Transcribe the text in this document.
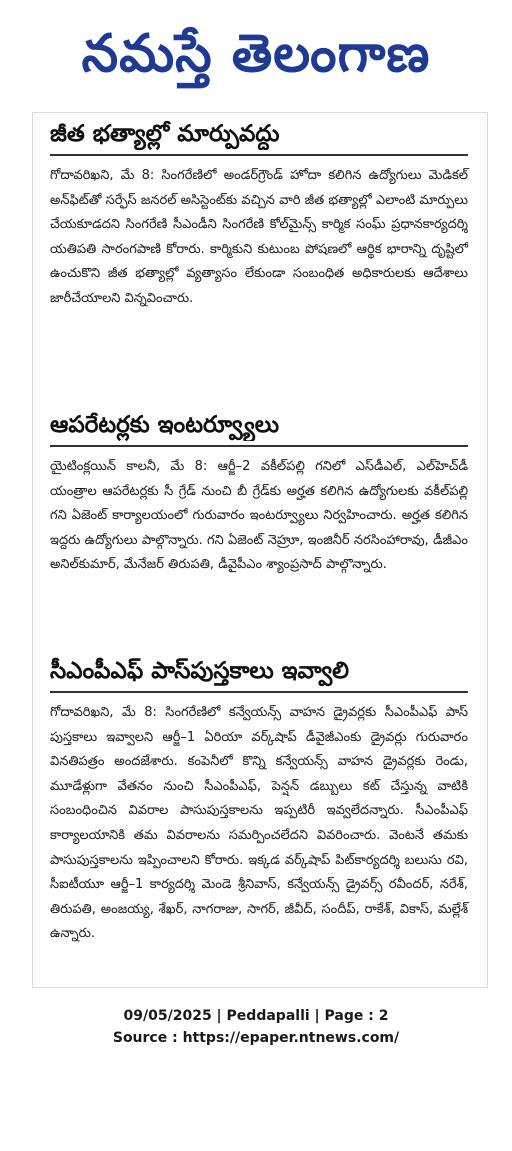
నమస్తే తెలంగాణ
జీత భత్యాల్లో మార్పువద్దు

గోదావరిఖని, మే 8: సింగరేణిలో అండర్‌గ్రౌండ్ హోదా కలిగిన ఉద్యోగులు మెడికల్ అన్‌ఫిట్‌తో సర్ఫేస్ జనరల్ అసిస్టెంట్‌కు వచ్చిన వారి జీత భత్యాల్లో ఎలాంటి మార్పులు చేయకూడదని సింగరేణి సీఎండీని సింగరేణి కోల్‌మైన్స్ కార్మిక సంఘ్ ప్రధానకార్యదర్శి యతిపతి సారంగపాణి కోరారు. కార్మికుని కుటుంబ పోషణలో ఆర్థిక భారాన్ని దృష్టిలో ఉంచుకొని జీత భత్యాల్లో వ్యత్యాసం లేకుండా సంబంధిత అధికారులకు ఆదేశాలు జారీచేయాలని విన్నవించారు.

ఆపరేటర్లకు ఇంటర్వ్యూలు

యైటింక్లయిన్ కాలనీ, మే 8: ఆర్జీ–2 వకీల్‌పల్లి గనిలో ఎస్‌డీఎల్, ఎల్‌హెచ్‌డీ యంత్రాల ఆపరేటర్లకు సీ గ్రేడ్ నుంచి బీ గ్రేడ్‌కు అర్హత కలిగిన ఉద్యోగులకు వకీల్‌పల్లి గని ఏజెంట్ కార్యాలయంలో గురువారం ఇంటర్వ్యూలు నిర్వహించారు. అర్హత కలిగిన ఇద్దరు ఉద్యోగులు పాల్గొన్నారు. గని ఏజెంట్ నెహ్రూ, ఇంజినీర్ నరసింహారావు, డీజీఎం అనిల్‌కుమార్, మేనేజర్ తిరుపతి, డీవైపీఎం శ్యాంప్రసాద్ పాల్గొన్నారు.

సీఎంపీఎఫ్ పాస్‌పుస్తకాలు ఇవ్వాలి

గోదావరిఖని, మే 8: సింగరేణిలో కన్వేయన్స్ వాహన డ్రైవర్లకు సీఎంపీఎఫ్ పాస్ పుస్తకాలు ఇవ్వాలని ఆర్జీ–1 ఏరియా వర్క్‌షాప్ డీవైజీఎంకు డ్రైవర్లు గురువారం వినతిపత్రం అందజేశారు. కంపెనీలో కొన్ని కన్వేయన్స్ వాహన డ్రైవర్లకు రెండు, మూడేళ్లుగా వేతనం నుంచి సీఎంపీఎఫ్, పెన్షన్ డబ్బులు కట్ చేస్తున్న వాటికి సంబంధించిన వివరాల పాసుపుస్తకాలను ఇప్పటిరీ ఇవ్వలేదన్నారు. సీఎంపీఎఫ్ కార్యాలయానికి తమ వివరాలను సమర్పించలేదని వివరించారు. వెంటనే తమకు పాసుపుస్తకాలను ఇప్పించాలని కోరారు. ఇక్కడ వర్క్‌షాప్ పిట్‌కార్యదర్శి బలుసు రవి, సీఐటీయూ ఆర్జీ–1 కార్యదర్శి మెండె శ్రీనివాస్, కన్వేయన్స్ డ్రైవర్స్ రవీందర్, నరేశ్, తిరుపతి, అంజయ్య, శేఖర్, నాగరాజు, సాగర్, జీవీద్, సందీప్, రాకేశ్, వికాస్, మల్లేశ్ ఉన్నారు.

09/05/2025 | Peddapalli | Page : 2
Source : https://epaper.ntnews.com/
